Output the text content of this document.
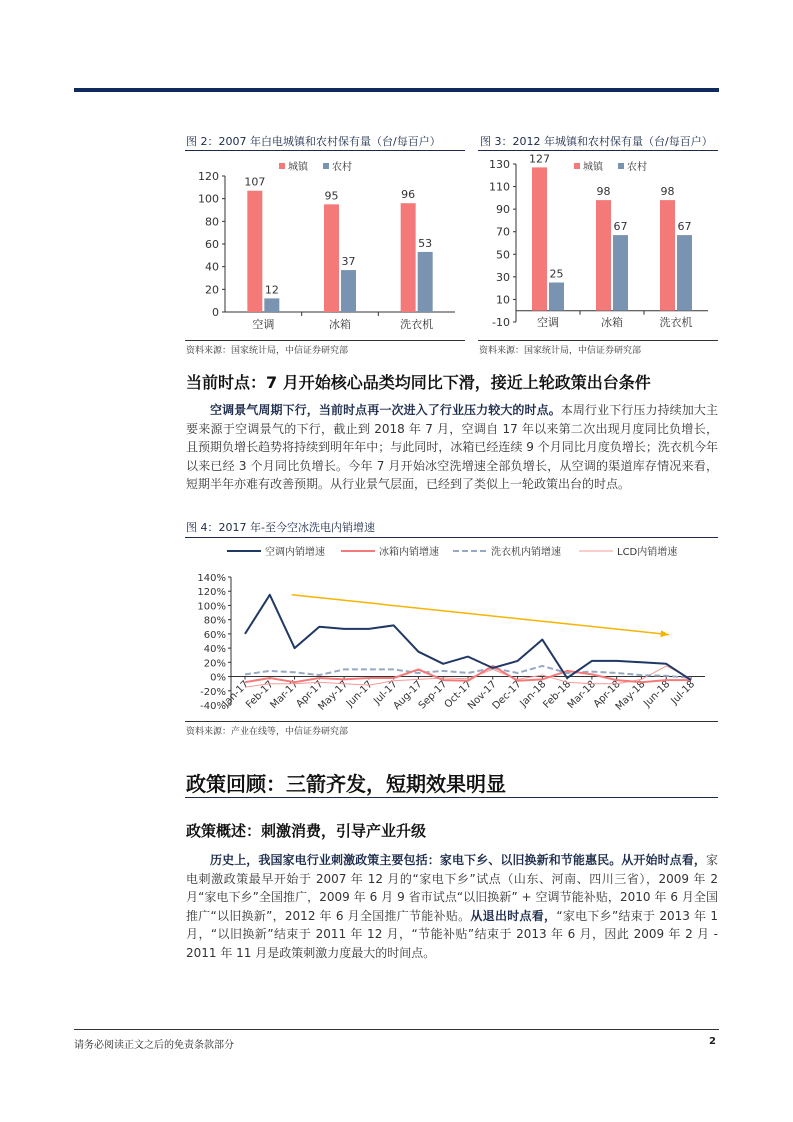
图 2：2007 年白电城镇和农村保有量（台/每百户）
0
20
40
60
80
100
120 107
12
空调
95
37
冰箱
96
53
洗衣机
城镇 农村
资料来源：国家统计局，中信证券研究部
图 3：2012 年城镇和农村保有量（台/每百户）
-10
10
30
50
70
90
110
130 127
25
空调
98
67
冰箱
98
67
洗衣机
城镇 农村
资料来源：国家统计局，中信证券研究部
当前时点：7 月开始核心品类均同比下滑，接近上轮政策出台条件
空调景气周期下行，当前时点再一次进入了行业压力较大的时点。本周行业下行压力持续加大主要来源于空调景气的下行，截止到 2018 年 7 月，空调自 17 年以来第二次出现月度同比负增长，且预期负增长趋势将持续到明年年中；与此同时，冰箱已经连续 9 个月同比月度负增长；洗衣机今年以来已经 3 个月同比负增长。今年 7 月开始冰空洗增速全部负增长，从空调的渠道库存情况来看，短期半年亦难有改善预期。从行业景气层面，已经到了类似上一轮政策出台的时点。
图 4：2017 年-至今空冰洗电内销增速
空调内销增速	冰箱内销增速	洗衣机内销增速	LCD内销增速
-40%
-20%
0%
20%
40%
60%
80%
100%
120%
140%
Jan-17
Feb-17
Mar-17
Apr-17
May-17
Jun-17
Jul-17
Aug-17
Sep-17
Oct-17
Nov-17
Dec-17
Jan-18
Feb-18
Mar-18
Apr-18
May-18
Jun-18
Jul-18
资料来源：产业在线等，中信证券研究部
政策回顾：三箭齐发，短期效果明显
政策概述：刺激消费，引导产业升级
历史上，我国家电行业刺激政策主要包括：家电下乡、以旧换新和节能惠民。从开始时点看，家电刺激政策最早开始于 2007 年 12 月的“家电下乡”试点（山东、河南、四川三省），2009 年 2 月“家电下乡”全国推广，2009 年 6 月 9 省市试点“以旧换新” + 空调节能补贴，2010 年 6 月全国推广“以旧换新”，2012 年 6 月全国推广节能补贴。从退出时点看，“家电下乡”结束于 2013 年 1 月，“以旧换新”结束于 2011 年 12 月，“节能补贴”结束于 2013 年 6 月，因此 2009 年 2 月 - 2011 年 11 月是政策刺激力度最大的时间点。
请务必阅读正文之后的免责条款部分	2
